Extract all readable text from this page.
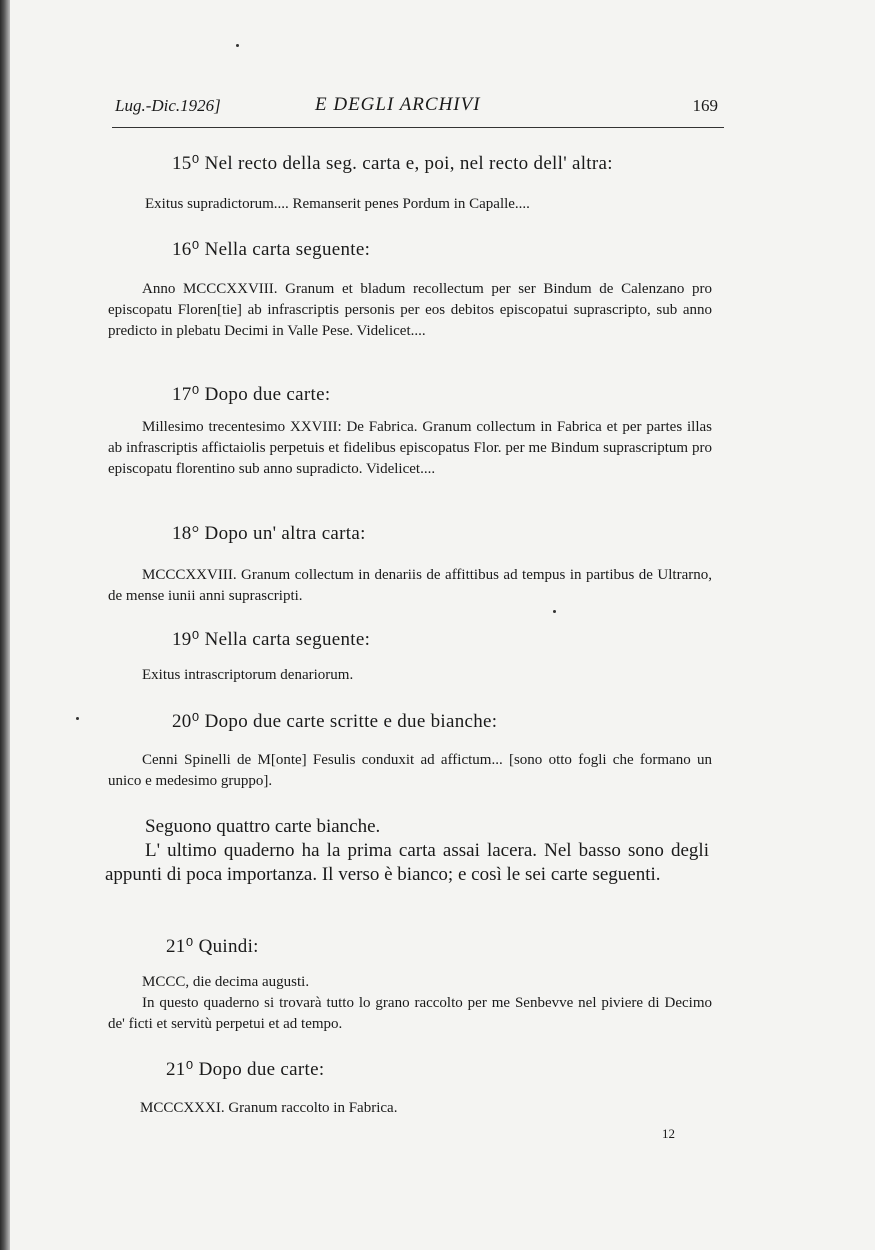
Lug.-Dic.1926]	E DEGLI ARCHIVI	169
15⁰ Nel recto della seg. carta e, poi, nel recto dell' altra:
Exitus supradictorum.... Remanserit penes Pordum in Capalle....
16⁰ Nella carta seguente:
Anno MCCCXXVIII. Granum et bladum recollectum per ser Bindum de Calenzano pro episcopatu Floren[tie] ab infrascriptis personis per eos debitos episcopatui suprascripto, sub anno predicto in plebatu Decimi in Valle Pese. Videlicet....
17⁰ Dopo due carte:
Millesimo trecentesimo XXVIII: De Fabrica. Granum collectum in Fabrica et per partes illas ab infrascriptis affictaiolis perpetuis et fidelibus episcopatus Flor. per me Bindum suprascriptum pro episcopatu florentino sub anno supradicto. Videlicet....
18° Dopo un' altra carta:
MCCCXXVIII. Granum collectum in denariis de affittibus ad tempus in partibus de Ultrarno, de mense iunii anni suprascripti.
19⁰ Nella carta seguente:
Exitus intrascriptorum denariorum.
20⁰ Dopo due carte scritte e due bianche:
Cenni Spinelli de M[onte] Fesulis conduxit ad affictum... [sono otto fogli che formano un unico e medesimo gruppo].
Seguono quattro carte bianche.
L' ultimo quaderno ha la prima carta assai lacera. Nel basso sono degli appunti di poca importanza. Il verso è bianco; e così le sei carte seguenti.
21⁰ Quindi:
MCCC, die decima augusti.
In questo quaderno si trovarà tutto lo grano raccolto per me Senbevve nel piviere di Decimo de' ficti et servitù perpetui et ad tempo.
21⁰ Dopo due carte:
MCCCXXXI. Granum raccolto in Fabrica.
12
